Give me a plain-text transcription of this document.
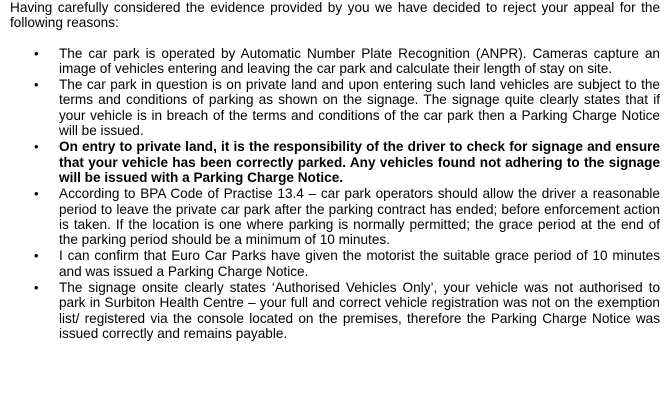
Having carefully considered the evidence provided by you we have decided to reject your appeal for the following reasons:

•	The car park is operated by Automatic Number Plate Recognition (ANPR). Cameras capture an image of vehicles entering and leaving the car park and calculate their length of stay on site.
•	The car park in question is on private land and upon entering such land vehicles are subject to the terms and conditions of parking as shown on the signage. The signage quite clearly states that if your vehicle is in breach of the terms and conditions of the car park then a Parking Charge Notice will be issued.
•	On entry to private land, it is the responsibility of the driver to check for signage and ensure that your vehicle has been correctly parked. Any vehicles found not adhering to the signage will be issued with a Parking Charge Notice.
•	According to BPA Code of Practise 13.4 – car park operators should allow the driver a reasonable period to leave the private car park after the parking contract has ended; before enforcement action is taken. If the location is one where parking is normally permitted; the grace period at the end of the parking period should be a minimum of 10 minutes.
•	I can confirm that Euro Car Parks have given the motorist the suitable grace period of 10 minutes and was issued a Parking Charge Notice.
•	The signage onsite clearly states ‘Authorised Vehicles Only’, your vehicle was not authorised to park in Surbiton Health Centre – your full and correct vehicle registration was not on the exemption list/ registered via the console located on the premises, therefore the Parking Charge Notice was issued correctly and remains payable.
